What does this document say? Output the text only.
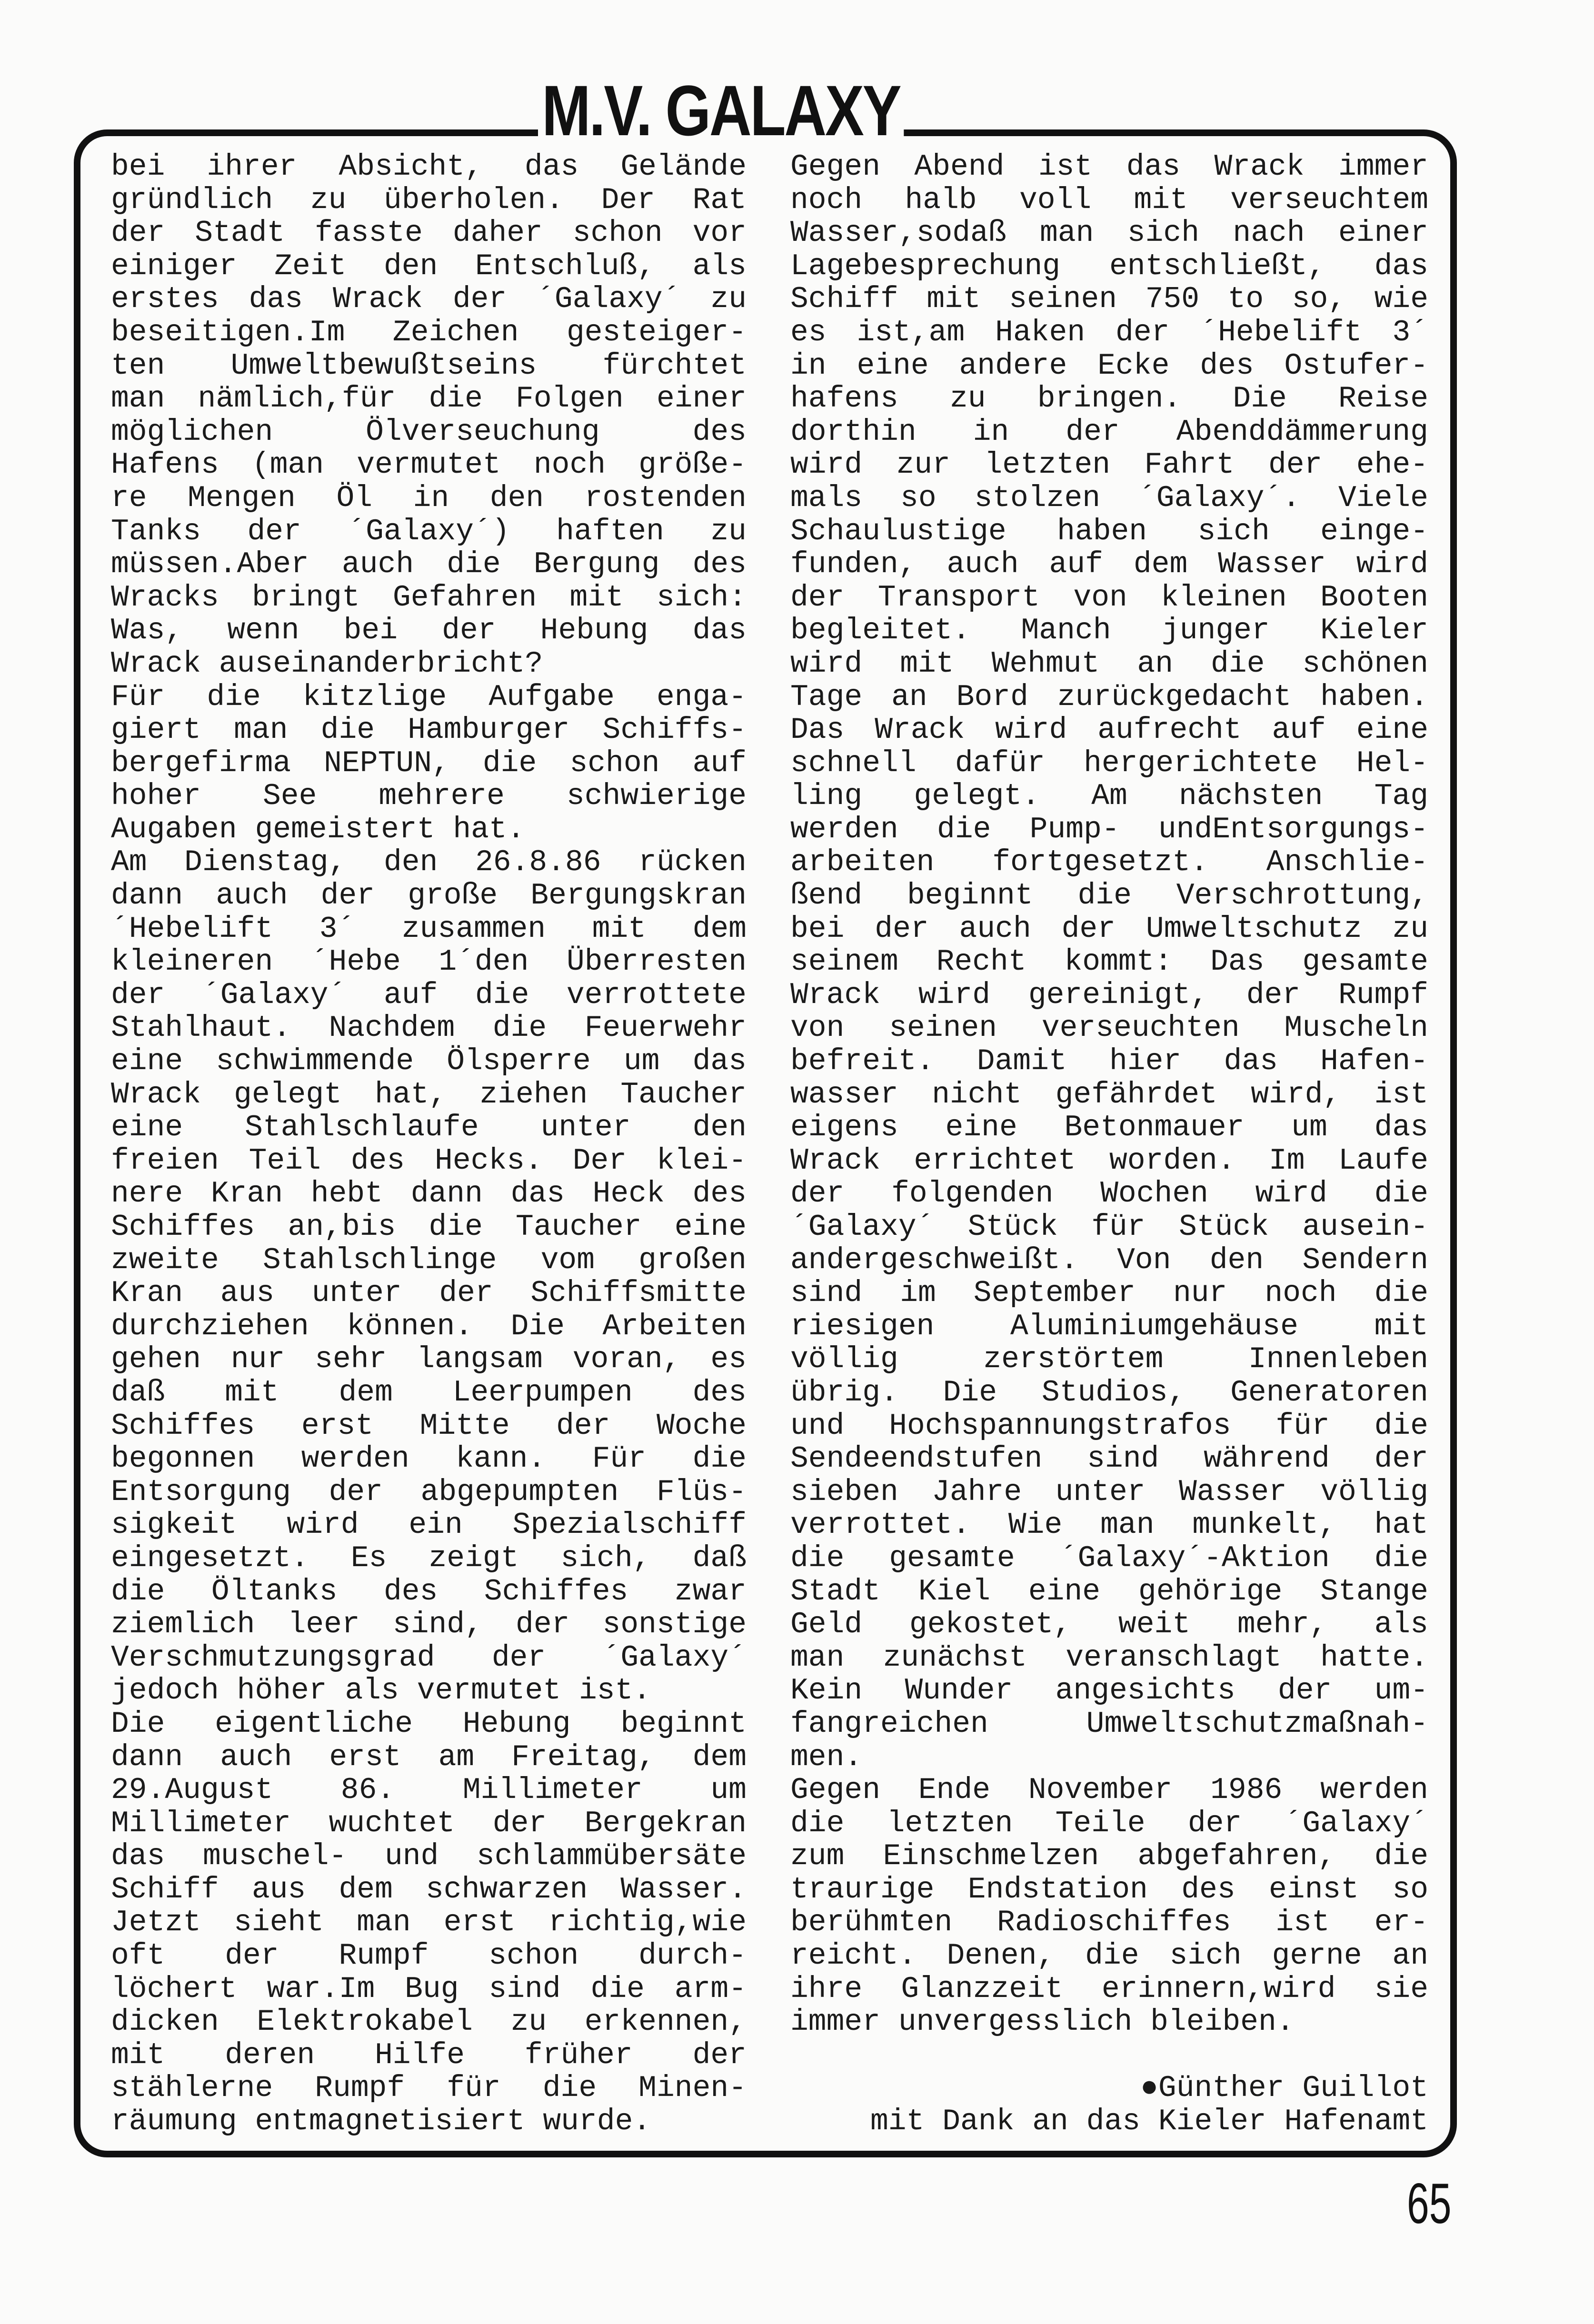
M.V. GALAXY
bei ihrer Absicht, das Gelände
gründlich zu überholen. Der Rat
der Stadt fasste daher schon vor
einiger Zeit den Entschluß, als
erstes das Wrack der ´Galaxy´ zu
beseitigen.Im Zeichen gesteiger-
ten Umweltbewußtseins fürchtet
man nämlich,für die Folgen einer
möglichen Ölverseuchung des
Hafens (man vermutet noch größe-
re Mengen Öl in den rostenden
Tanks der ´Galaxy´) haften zu
müssen.Aber auch die Bergung des
Wracks bringt Gefahren mit sich:
Was, wenn bei der Hebung das
Wrack auseinanderbricht?
Für die kitzlige Aufgabe enga-
giert man die Hamburger Schiffs-
bergefirma NEPTUN, die schon auf
hoher See mehrere schwierige
Augaben gemeistert hat.
Am Dienstag, den 26.8.86 rücken
dann auch der große Bergungskran
´Hebelift 3´ zusammen mit dem
kleineren ´Hebe 1´den Überresten
der ´Galaxy´ auf die verrottete
Stahlhaut. Nachdem die Feuerwehr
eine schwimmende Ölsperre um das
Wrack gelegt hat, ziehen Taucher
eine Stahlschlaufe unter den
freien Teil des Hecks. Der klei-
nere Kran hebt dann das Heck des
Schiffes an,bis die Taucher eine
zweite Stahlschlinge vom großen
Kran aus unter der Schiffsmitte
durchziehen können. Die Arbeiten
gehen nur sehr langsam voran, es
daß mit dem Leerpumpen des
Schiffes erst Mitte der Woche
begonnen werden kann. Für die
Entsorgung der abgepumpten Flüs-
sigkeit wird ein Spezialschiff
eingesetzt. Es zeigt sich, daß
die Öltanks des Schiffes zwar
ziemlich leer sind, der sonstige
Verschmutzungsgrad der ´Galaxy´
jedoch höher als vermutet ist.
Die eigentliche Hebung beginnt
dann auch erst am Freitag, dem
29.August 86. Millimeter um
Millimeter wuchtet der Bergekran
das muschel- und schlammübersäte
Schiff aus dem schwarzen Wasser.
Jetzt sieht man erst richtig,wie
oft der Rumpf schon durch-
löchert war.Im Bug sind die arm-
dicken Elektrokabel zu erkennen,
mit deren Hilfe früher der
stählerne Rumpf für die Minen-
räumung entmagnetisiert wurde.
Gegen Abend ist das Wrack immer
noch halb voll mit verseuchtem
Wasser,sodaß man sich nach einer
Lagebesprechung entschließt, das
Schiff mit seinen 750 to so, wie
es ist,am Haken der ´Hebelift 3´
in eine andere Ecke des Ostufer-
hafens zu bringen. Die Reise
dorthin in der Abenddämmerung
wird zur letzten Fahrt der ehe-
mals so stolzen ´Galaxy´. Viele
Schaulustige haben sich einge-
funden, auch auf dem Wasser wird
der Transport von kleinen Booten
begleitet. Manch junger Kieler
wird mit Wehmut an die schönen
Tage an Bord zurückgedacht haben.
Das Wrack wird aufrecht auf eine
schnell dafür hergerichtete Hel-
ling gelegt. Am nächsten Tag
werden die Pump- undEntsorgungs-
arbeiten fortgesetzt. Anschlie-
ßend beginnt die Verschrottung,
bei der auch der Umweltschutz zu
seinem Recht kommt: Das gesamte
Wrack wird gereinigt, der Rumpf
von seinen verseuchten Muscheln
befreit. Damit hier das Hafen-
wasser nicht gefährdet wird, ist
eigens eine Betonmauer um das
Wrack errichtet worden. Im Laufe
der folgenden Wochen wird die
´Galaxy´ Stück für Stück ausein-
andergeschweißt. Von den Sendern
sind im September nur noch die
riesigen Aluminiumgehäuse mit
völlig zerstörtem Innenleben
übrig. Die Studios, Generatoren
und Hochspannungstrafos für die
Sendeendstufen sind während der
sieben Jahre unter Wasser völlig
verrottet. Wie man munkelt, hat
die gesamte ´Galaxy´-Aktion die
Stadt Kiel eine gehörige Stange
Geld gekostet, weit mehr, als
man zunächst veranschlagt hatte.
Kein Wunder angesichts der um-
fangreichen Umweltschutzmaßnah-
men.
Gegen Ende November 1986 werden
die letzten Teile der ´Galaxy´
zum Einschmelzen abgefahren, die
traurige Endstation des einst so
berühmten Radioschiffes ist er-
reicht. Denen, die sich gerne an
ihre Glanzzeit erinnern,wird sie
immer unvergesslich bleiben.
●Günther Guillot
mit Dank an das Kieler Hafenamt
65
